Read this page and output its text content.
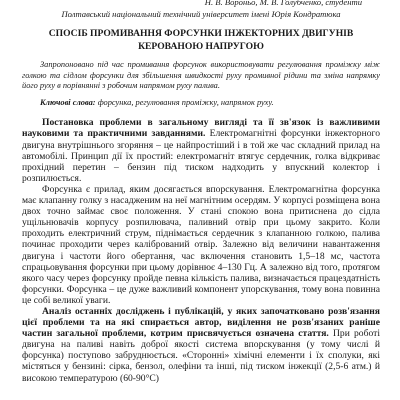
Н. В. Вороньо, М. В. Голубченко, студенти
Полтавський національний технічний університет імені Юрія Кондратюка
СПОСІБ ПРОМИВАННЯ ФОРСУНКИ ІНЖЕКТОРНИХ ДВИГУНІВ КЕРОВАНОЮ НАПРУГОЮ
Запропоновано під час промивання форсунок використовувати регулювання проміжку між голкою та сідлом форсунки для збільшення швидкості руху промивної рідини та зміна напрямку його руху в порівнянні з робочим напрямом руху палива.
Ключові слова: форсунка, регулювання проміжку, напрямок руху.

Постановка проблеми в загальному вигляді та її зв'язок із важливими науковими та практичними завданнями. Електромагнітні форсунки інжекторного двигуна внутрішнього згоряння – це найпростіший і в той же час складний прилад на автомобілі. Принцип дії їх простий: електромагніт втягує сердечник, голка відкриває прохідний перетин – бензин під тиском надходить у впускний колектор і розпилюється.

Форсунка є прилад, яким досягається впорскування. Електромагнітна форсунка має клапанну голку з насадженим на неї магнітним осердям. У корпусі розміщена вона двох точно займає своє положення. У стані спокою вона притиснена до сідла ущільнювачів корпусу розпилювача, паливний отвір при цьому закрито. Коли проходить електричний струм, піднімається сердечник з клапанною голкою, палива починає проходити через калібрований отвір. Залежно від величини навантаження двигуна і частоти його обертання, час включення становить 1,5–18 мс, частота спрацьовування форсунки при цьому дорівнює 4–130 Гц. А залежно від того, протягом якого часу через форсунку пройде певна кількість палива, визначається працездатність форсунки. Форсунка – це дуже важливий компонент упорскування, тому вона повинна це собі великої уваги.

Аналіз останніх досліджень і публікацій, у яких започатковано розв'язання цієї проблеми та на які спирається автор, виділення не розв'язаних раніше частин загальної проблеми, котрим присвячується означена стаття. При роботі двигуна на паливі навіть доброї якості система впорскування (у тому числі й форсунка) поступово забруднюється. «Сторонні» хімічні елементи і їх сполуки, які містяться у бензині: сірка, бензол, олефіни та інші, під тиском інжекції (2,5-6 атм.) й високою температурою (60-90°С)
